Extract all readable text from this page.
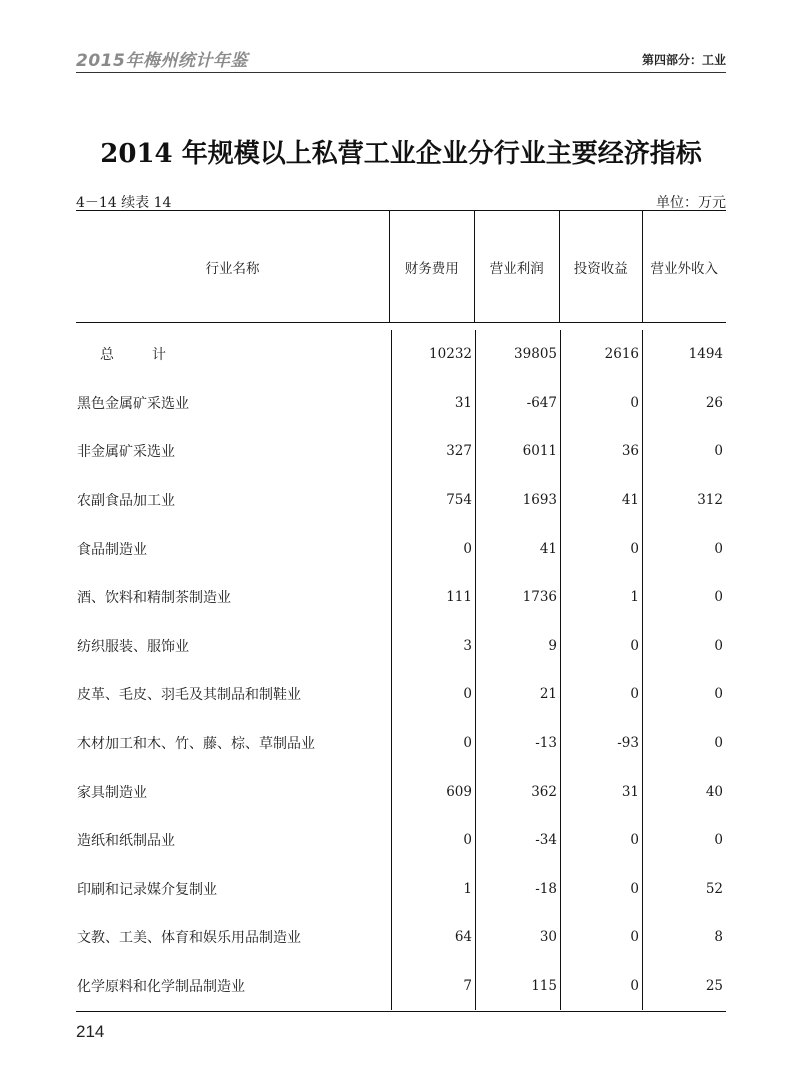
2015年梅州统计年鉴	第四部分：工业
2014 年规模以上私营工业企业分行业主要经济指标
4－14 续表 14	单位：万元
行业名称	财务费用	营业利润	投资收益	营业外收入
总　计	10232	39805	2616	1494
黑色金属矿采选业	31	-647	0	26
非金属矿采选业	327	6011	36	0
农副食品加工业	754	1693	41	312
食品制造业	0	41	0	0
酒、饮料和精制茶制造业	111	1736	1	0
纺织服装、服饰业	3	9	0	0
皮革、毛皮、羽毛及其制品和制鞋业	0	21	0	0
木材加工和木、竹、藤、棕、草制品业	0	-13	-93	0
家具制造业	609	362	31	40
造纸和纸制品业	0	-34	0	0
印刷和记录媒介复制业	1	-18	0	52
文教、工美、体育和娱乐用品制造业	64	30	0	8
化学原料和化学制品制造业	7	115	0	25
214
